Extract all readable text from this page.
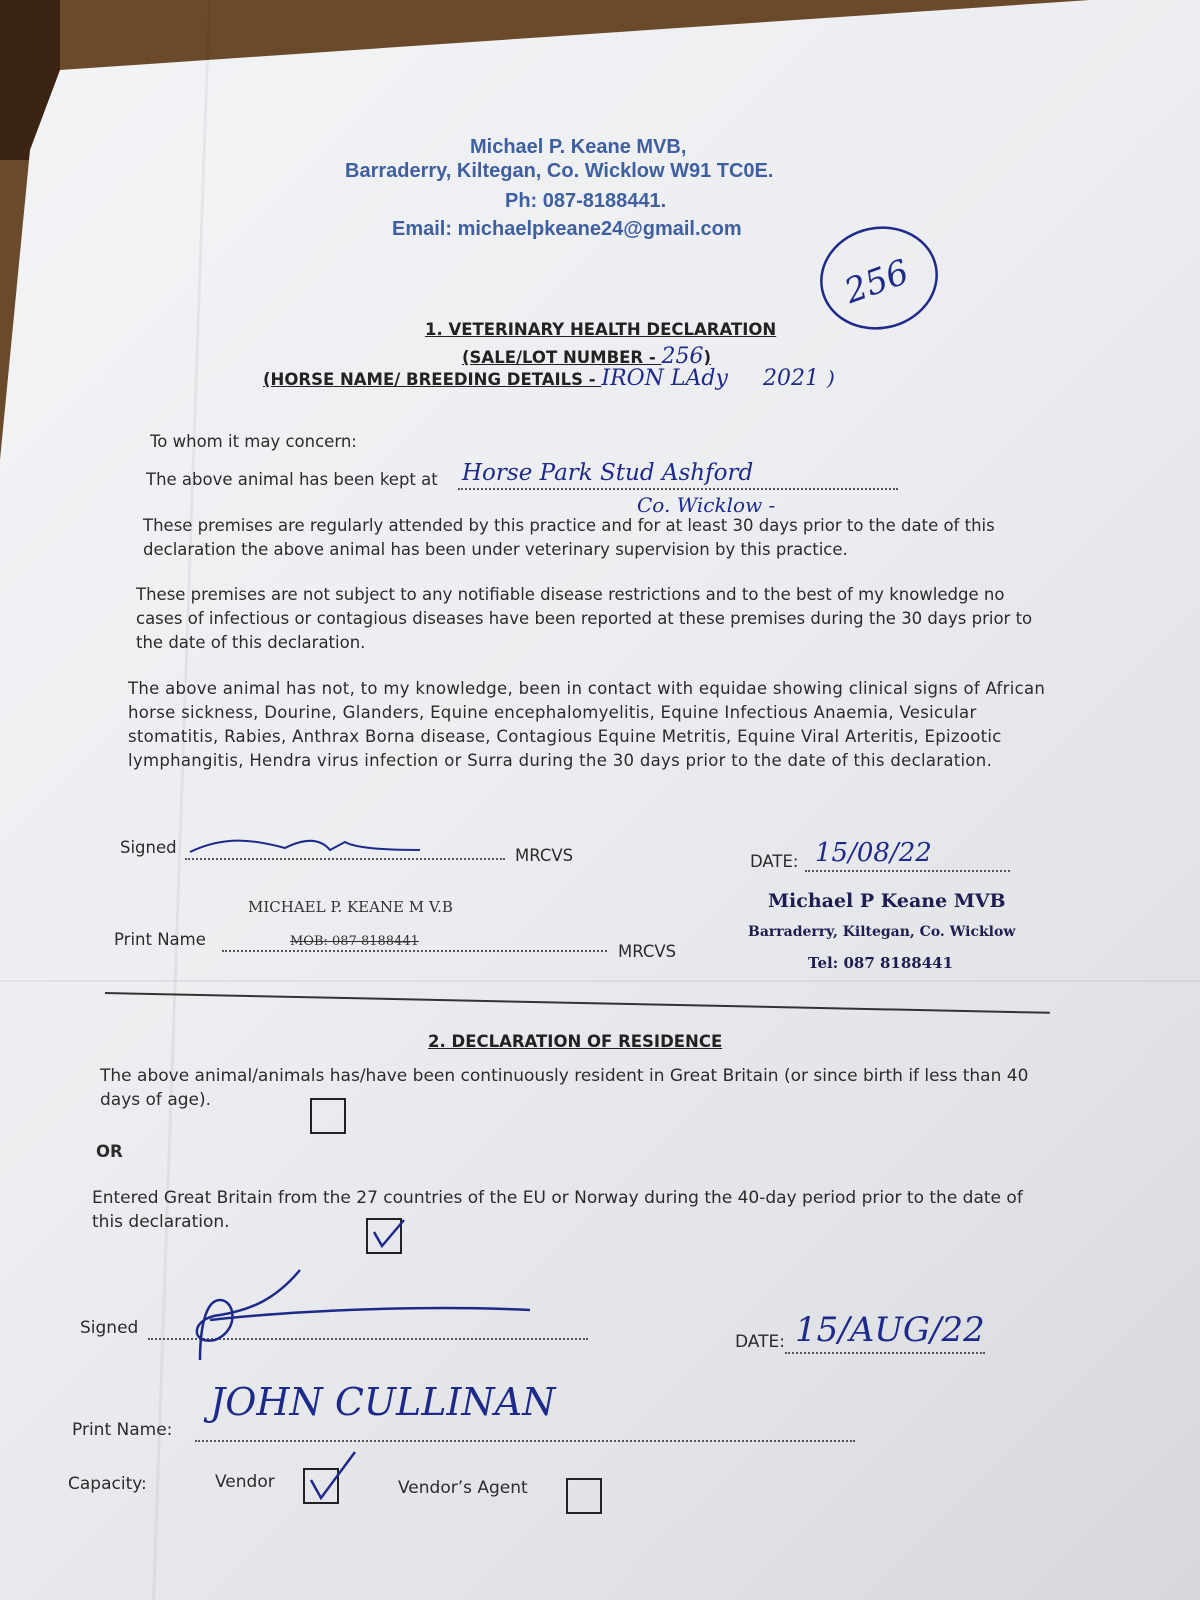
Michael P. Keane MVB,
Barraderry, Kiltegan, Co. Wicklow W91 TC0E.
Ph: 087-8188441.
Email: michaelpkeane24@gmail.com
256
1. VETERINARY HEALTH DECLARATION
(SALE/LOT NUMBER - 256)
(HORSE NAME/ BREEDING DETAILS - IRON LAdy 2021 )
To whom it may concern:
The above animal has been kept at Horse Park Stud Ashford
Co. Wicklow -
These premises are regularly attended by this practice and for at least 30 days prior to the date of this declaration the above animal has been under veterinary supervision by this practice.
These premises are not subject to any notifiable disease restrictions and to the best of my knowledge no cases of infectious or contagious diseases have been reported at these premises during the 30 days prior to the date of this declaration.
The above animal has not, to my knowledge, been in contact with equidae showing clinical signs of African horse sickness, Dourine, Glanders, Equine encephalomyelitis, Equine Infectious Anaemia, Vesicular stomatitis, Rabies, Anthrax Borna disease, Contagious Equine Metritis, Equine Viral Arteritis, Epizootic lymphangitis, Hendra virus infection or Surra during the 30 days prior to the date of this declaration.
Signed	MRCVS	DATE: 15/08/22
MICHAEL P. KEANE M V.B
Print Name	MOB: 087 8188441
MRCVS
Michael P Keane MVB
Barraderry, Kiltegan, Co. Wicklow
Tel: 087 8188441
2. DECLARATION OF RESIDENCE
The above animal/animals has/have been continuously resident in Great Britain (or since birth if less than 40 days of age).
OR
Entered Great Britain from the 27 countries of the EU or Norway during the 40-day period prior to the date of this declaration.
Signed
DATE: 15/AUG/22
Print Name:
JOHN CULLINAN
Capacity:	Vendor	Vendor’s Agent
